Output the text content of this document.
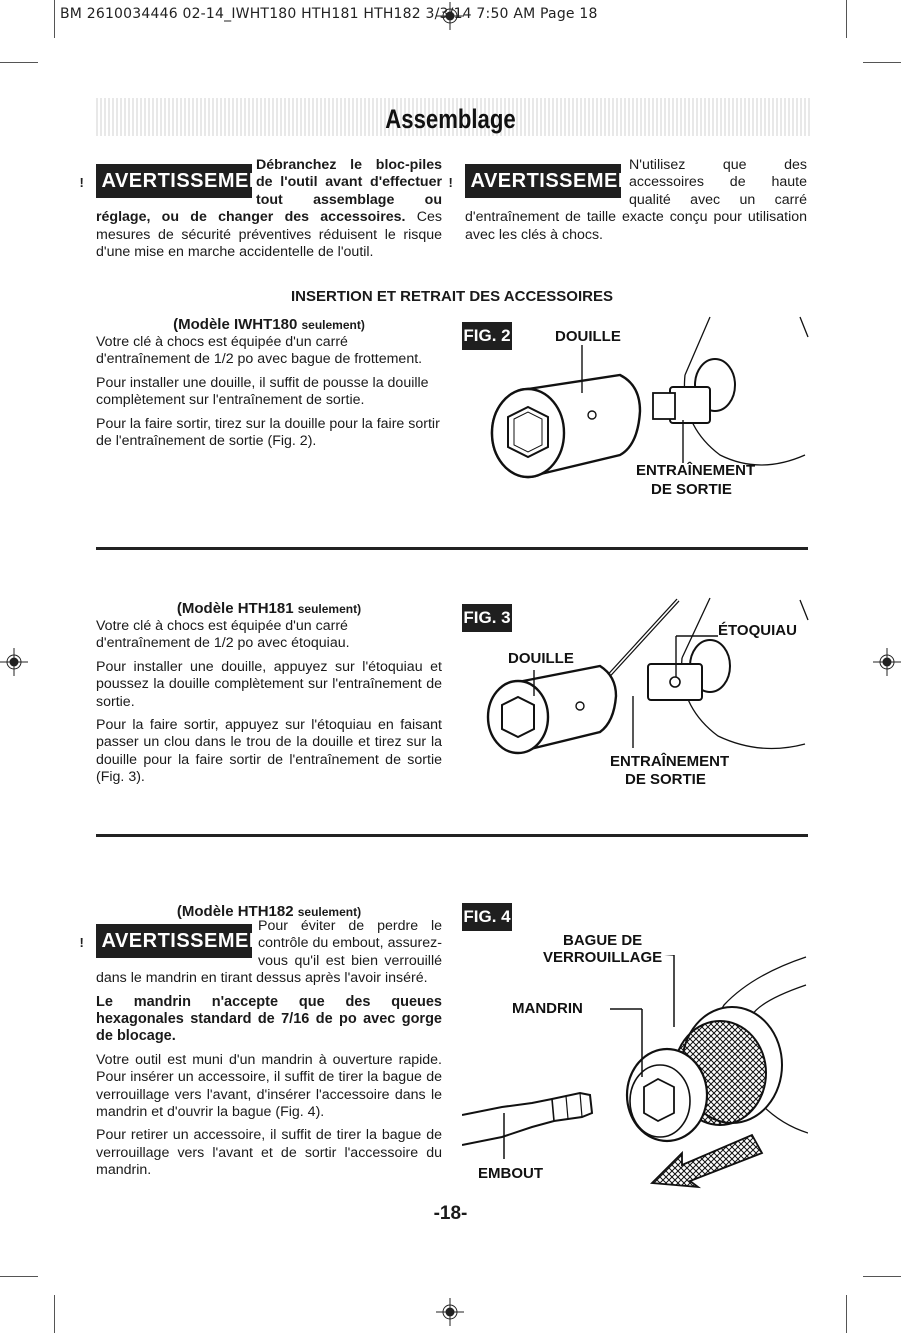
BM 2610034446 02-14_IWHT180 HTH181 HTH182 3/3/14 7:50 AM Page 18
Assemblage
!
AVERTISSEMENT
Débranchez le bloc-piles de l'outil avant d'effectuer tout assemblage ou réglage, ou de changer des accessoires. Ces mesures de sécurité préventives réduisent le risque d'une mise en marche accidentelle de l'outil.
!
AVERTISSEMENT
N'utilisez que des accessoires de haute qualité avec un carré d'entraînement de taille exacte conçu pour utilisation avec les clés à chocs.
INSERTION ET RETRAIT DES ACCESSOIRES
(Modèle IWHT180 seulement)

Votre clé à chocs est équipée d'un carré d'entraînement de 1/2 po avec bague de frottement.

Pour installer une douille, il suffit de pousse la douille complètement sur l'entraînement de sortie.

Pour la faire sortir, tirez sur la douille pour la faire sortir de l'entraînement de sortie (Fig. 2).

FIG. 2	DOUILLE
ENTRAÎNEMENT
DE SORTIE
(Modèle HTH181 seulement)

Votre clé à chocs est équipée d'un carré d'entraînement de 1/2 po avec étoquiau.

Pour installer une douille, appuyez sur l'étoquiau et poussez la douille complètement sur l'entraînement de sortie.

Pour la faire sortir, appuyez sur l'étoquiau en faisant passer un clou dans le trou de la douille et tirez sur la douille pour la faire sortir de l'entraînement de sortie (Fig. 3).

FIG. 3
DOUILLE
ÉTOQUIAU
ENTRAÎNEMENT
DE SORTIE
(Modèle HTH182 seulement)
!
AVERTISSEMENT

Pour éviter de perdre le contrôle du embout, assurez-vous qu'il est bien verrouillé dans le mandrin en tirant dessus après l'avoir inséré.

Le mandrin n'accepte que des queues hexagonales standard de 7/16 de po avec gorge de blocage.

Votre outil est muni d'un mandrin à ouverture rapide. Pour insérer un accessoire, il suffit de tirer la bague de verrouillage vers l'avant, d'insérer l'accessoire dans le mandrin et d'ouvrir la bague (Fig. 4).

Pour retirer un accessoire, il suffit de tirer la bague de verrouillage vers l'avant et de sortir l'accessoire du mandrin.

FIG. 4
BAGUE DE
VERROUILLAGE
MANDRIN
EMBOUT
-18-
